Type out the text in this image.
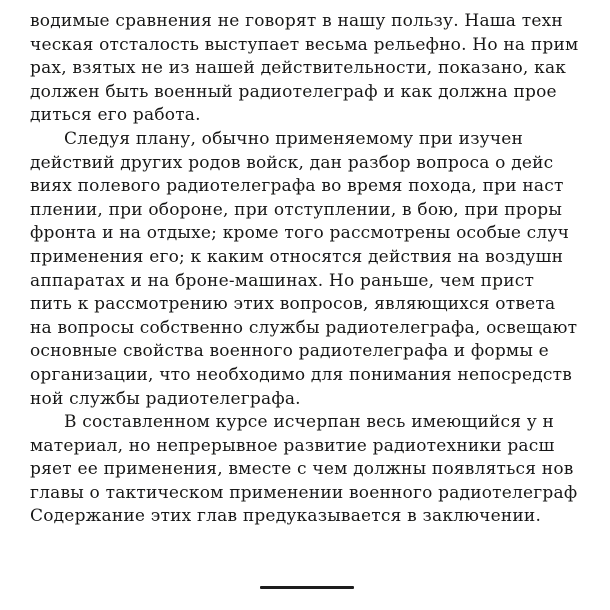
водимые сравнения не говорят в нашу пользу. Наша техн
ческая отсталость выступает весьма рельефно. Но на прим
рах, взятых не из нашей действительности, показано, как
должен быть военный радиотелеграф и как должна прое
диться его работа.
Следуя плану, обычно применяемому при изучен
действий других родов войск, дан разбор вопроса о дейс
виях полевого радиотелеграфа во время похода, при наст
плении, при обороне, при отступлении, в бою, при проры
фронта и на отдыхе; кроме того рассмотрены особые случ
применения его; к каким относятся действия на воздушн
аппаратах и на броне-машинах. Но раньше, чем прист
пить к рассмотрению этих вопросов, являющихся ответа
на вопросы собственно службы радиотелеграфа, освещают
основные свойства военного радиотелеграфа и формы е
организации, что необходимо для понимания непосредств
ной службы радиотелеграфа.
В составленном курсе исчерпан весь имеющийся у н
материал, но непрерывное развитие радиотехники расш
ряет ее применения, вместе с чем должны появляться нов
главы о тактическом применении военного радиотелеграф
Содержание этих глав предуказывается в заключении.
